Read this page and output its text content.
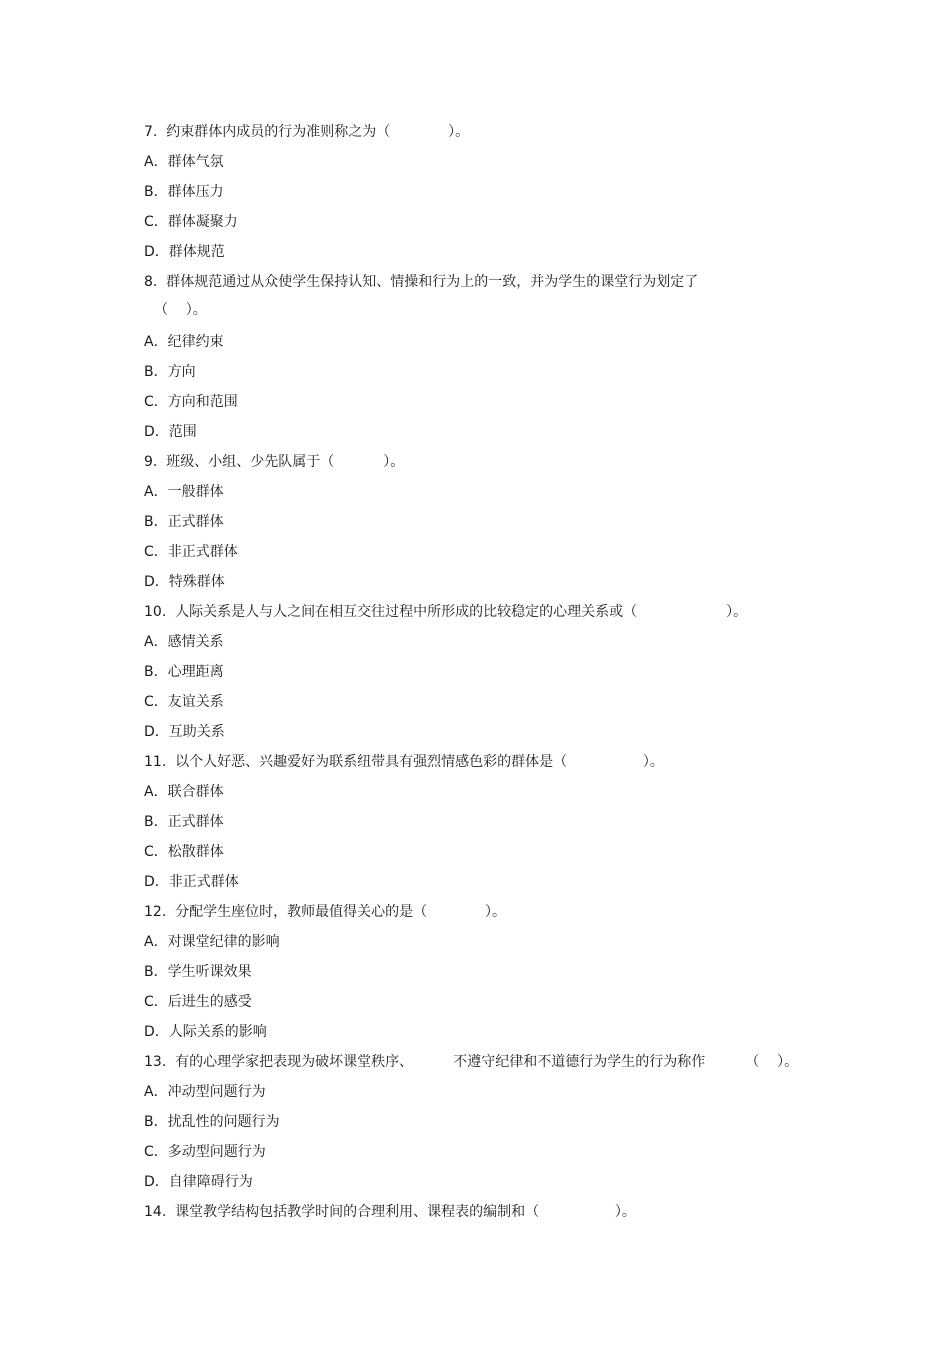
7.  约束群体内成员的行为准则称之为（             ）。
A．群体气氛
B．群体压力
C．群体凝聚力
D．群体规范
8.  群体规范通过从众使学生保持认知、情操和行为上的一致，并为学生的课堂行为划定了
（    ）。
A．纪律约束
B．方向
C．方向和范围
D．范围
9.  班级、小组、少先队属于（           ）。
A．一般群体
B．正式群体
C．非正式群体
D．特殊群体
10.  人际关系是人与人之间在相互交往过程中所形成的比较稳定的心理关系或（                    ）。
A．感情关系
B．心理距离
C．友谊关系
D．互助关系
11.  以个人好恶、兴趣爱好为联系纽带具有强烈情感色彩的群体是（                 ）。
A．联合群体
B．正式群体
C．松散群体
D．非正式群体
12.  分配学生座位时，教师最值得关心的是（             ）。
A．对课堂纪律的影响
B．学生听课效果
C．后进生的感受
D．人际关系的影响
13.  有的心理学家把表现为破坏课堂秩序、         不遵守纪律和不道德行为学生的行为称作         （    ）。
A．冲动型问题行为
B．扰乱性的问题行为
C．多动型问题行为
D．自律障碍行为
14.  课堂教学结构包括教学时间的合理利用、课程表的编制和（                 ）。
